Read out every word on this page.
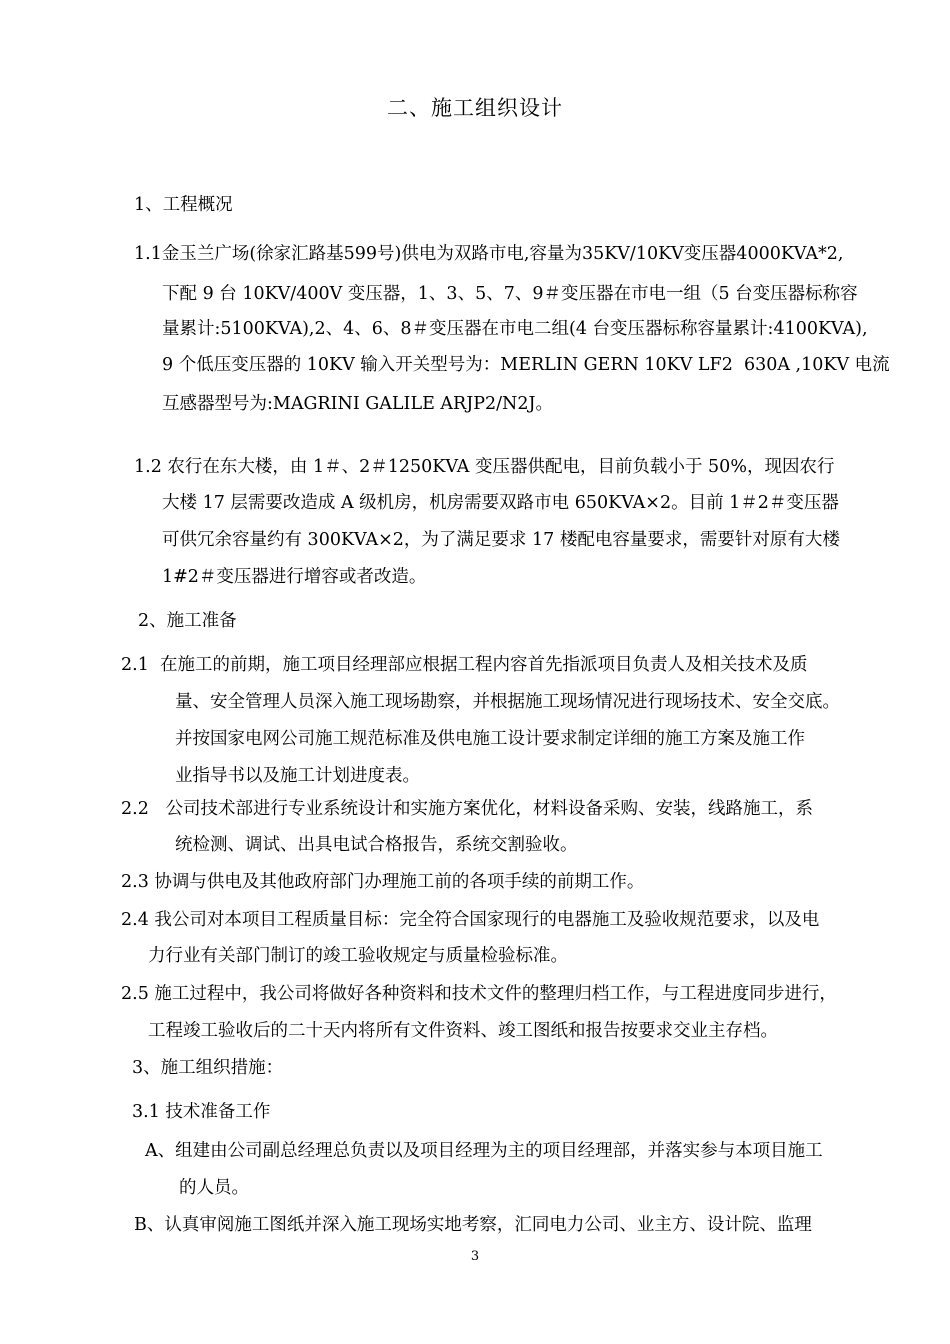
二、施工组织设计
1、工程概况
1.1金玉兰广场(徐家汇路基599号)供电为双路市电,容量为35KV/10KV变压器4000KVA*2,
下配 9 台 10KV/400V 变压器，1、3、5、7、9＃变压器在市电一组（5 台变压器标称容
量累计:5100KVA),2、4、6、8＃变压器在市电二组(4 台变压器标称容量累计:4100KVA),
9 个低压变压器的 10KV 输入开关型号为：MERLIN GERN 10KV LF2  630A ,10KV 电流
互感器型号为:MAGRINI GALILE ARJP2/N2J。
1.2 农行在东大楼，由 1＃、2＃1250KVA 变压器供配电，目前负载小于 50%，现因农行
大楼 17 层需要改造成 A 级机房，机房需要双路市电 650KVA×2。目前 1＃2＃变压器
可供冗余容量约有 300KVA×2，为了满足要求 17 楼配电容量要求，需要针对原有大楼
1#2＃变压器进行增容或者改造。
2、施工准备
2.1  在施工的前期，施工项目经理部应根据工程内容首先指派项目负责人及相关技术及质
量、安全管理人员深入施工现场勘察，并根据施工现场情况进行现场技术、安全交底。
并按国家电网公司施工规范标准及供电施工设计要求制定详细的施工方案及施工作
业指导书以及施工计划进度表。
2.2   公司技术部进行专业系统设计和实施方案优化，材料设备采购、安装，线路施工，系
统检测、调试、出具电试合格报告，系统交割验收。
2.3 协调与供电及其他政府部门办理施工前的各项手续的前期工作。
2.4 我公司对本项目工程质量目标：完全符合国家现行的电器施工及验收规范要求，以及电
力行业有关部门制订的竣工验收规定与质量检验标准。
2.5 施工过程中，我公司将做好各种资料和技术文件的整理归档工作，与工程进度同步进行，
工程竣工验收后的二十天内将所有文件资料、竣工图纸和报告按要求交业主存档。
3、施工组织措施：
3.1 技术准备工作
A、组建由公司副总经理总负责以及项目经理为主的项目经理部，并落实参与本项目施工
的人员。
B、认真审阅施工图纸并深入施工现场实地考察，汇同电力公司、业主方、设计院、监理
3
